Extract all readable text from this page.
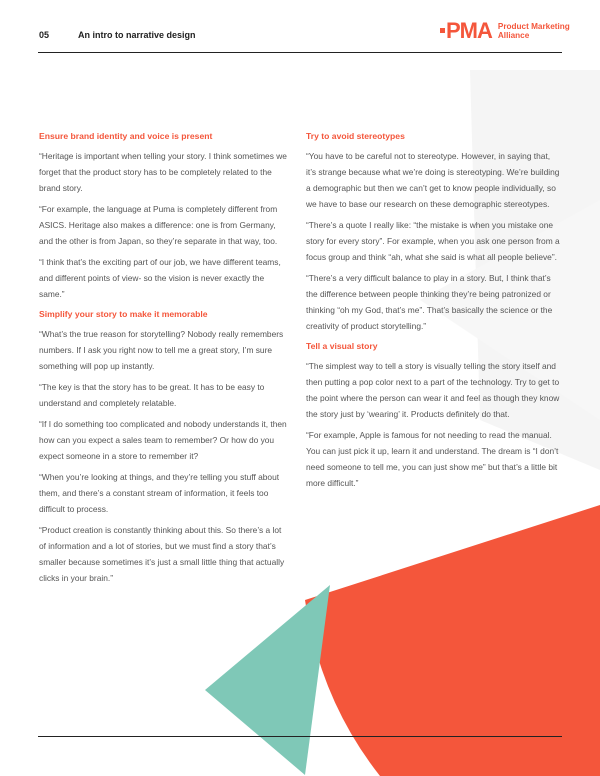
05	An intro to narrative design	PMA Product Marketing
Alliance
Ensure brand identity and voice is present

“Heritage is important when telling your story. I think sometimes we forget that the product story has to be completely related to the brand story.

“For example, the language at Puma is completely different from ASICS. Heritage also makes a difference: one is from Germany, and the other is from Japan, so they’re separate in that way, too.

“I think that’s the exciting part of our job, we have different teams, and different points of view- so the vision is never exactly the same.”

Simplify your story to make it memorable

“What’s the true reason for storytelling? Nobody really remembers numbers. If I ask you right now to tell me a great story, I’m sure something will pop up instantly.

“The key is that the story has to be great. It has to be easy to understand and completely relatable.

“If I do something too complicated and nobody understands it, then how can you expect a sales team to remember? Or how do you expect someone in a store to remember it?

“When you’re looking at things, and they’re telling you stuff about them, and there’s a constant stream of information, it feels too difficult to process.

“Product creation is constantly thinking about this. So there’s a lot of information and a lot of stories, but we must find a story that’s smaller because sometimes it’s just a small little thing that actually clicks in your brain.”

Try to avoid stereotypes

“You have to be careful not to stereotype. However, in saying that, it’s strange because what we’re doing is stereotyping. We’re building a demographic but then we can’t get to know people individually, so we have to base our research on these demographic stereotypes.

“There’s a quote I really like: “the mistake is when you mistake one story for every story”. For example, when you ask one person from a focus group and think “ah, what she said is what all people believe”.

“There’s a very difficult balance to play in a story. But, I think that’s the difference between people thinking they’re being patronized or thinking “oh my God, that’s me”. That’s basically the science or the creativity of product storytelling.”

Tell a visual story

“The simplest way to tell a story is visually telling the story itself and then putting a pop color next to a part of the technology. Try to get to the point where the person can wear it and feel as though they know the story just by ‘wearing’ it. Products definitely do that.

“For example, Apple is famous for not needing to read the manual. You can just pick it up, learn it and understand. The dream is “I don’t need someone to tell me, you can just show me” but that’s a little bit more difficult.”
